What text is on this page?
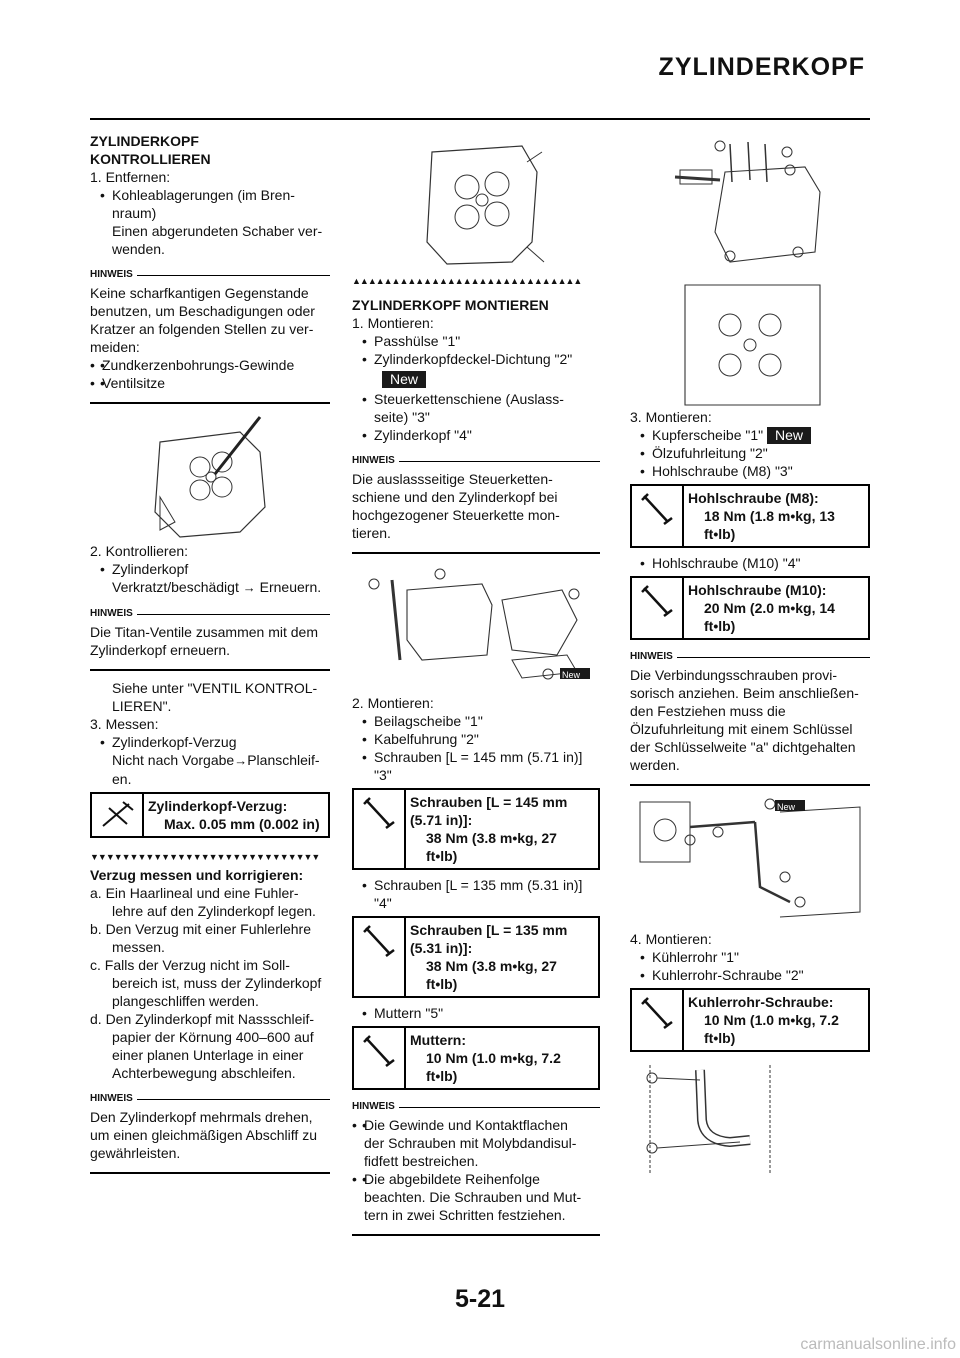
ZYLINDERKOPF
ZYLINDERKOPF
KONTROLLIEREN
1. Entfernen:
• Kohleablagerungen (im Bren-
nraum)
Einen abgerundeten Schaber ver-
wenden.
HINWEIS
Keine scharfkantigen Gegenstande
benutzen, um Beschadigungen oder
Kratzer an folgenden Stellen zu ver-
meiden:
• • Zundkerzenbohrungs-Gewinde
• • Ventilsitze
2. Kontrollieren:
• Zylinderkopf
Verkratzt/beschädigt → Erneuern.
HINWEIS
Die Titan-Ventile zusammen mit dem
Zylinderkopf erneuern.
Siehe unter "VENTIL KONTROL-
LIEREN".
3. Messen:
• Zylinderkopf-Verzug
Nicht nach Vorgabe→Planschleif-
en.
Zylinderkopf-Verzug:
Max. 0.05 mm (0.002 in)
▼▼▼▼▼▼▼▼▼▼▼▼▼▼▼▼▼▼▼▼▼▼▼▼▼▼▼▼▼
Verzug messen und korrigieren:
a. Ein Haarlineal und eine Fuhler-
lehre auf den Zylinderkopf legen.
b. Den Verzug mit einer Fuhlerlehre
messen.
c. Falls der Verzug nicht im Soll-
bereich ist, muss der Zylinderkopf
plangeschliffen werden.
d. Den Zylinderkopf mit Nassschleif-
papier der Körnung 400–600 auf
einer planen Unterlage in einer
Achterbewegung abschleifen.
HINWEIS
Den Zylinderkopf mehrmals drehen,
um einen gleichmäßigen Abschliff zu
gewährleisten.
▲▲▲▲▲▲▲▲▲▲▲▲▲▲▲▲▲▲▲▲▲▲▲▲▲▲▲▲▲
ZYLINDERKOPF MONTIEREN
1. Montieren:
• Passhülse "1"
• Zylinderkopfdeckel-Dichtung "2"
New
• Steuerkettenschiene (Auslass-
seite) "3"
• Zylinderkopf "4"
HINWEIS
Die auslassseitige Steuerketten-
schiene und den Zylinderkopf bei
hochgezogener Steuerkette mon-
tieren.
New
2. Montieren:
• Beilagscheibe "1"
• Kabelfuhrung "2"
• Schrauben [L = 145 mm (5.71 in)]
"3"
Schrauben [L = 145 mm
(5.71 in)]:
38 Nm (3.8 m•kg, 27
ft•lb)
• Schrauben [L = 135 mm (5.31 in)]
"4"
Schrauben [L = 135 mm
(5.31 in)]:
38 Nm (3.8 m•kg, 27
ft•lb)
• Muttern "5"
Muttern:
10 Nm (1.0 m•kg, 7.2
ft•lb)
HINWEIS
• • Die Gewinde und Kontaktflachen
der Schrauben mit Molybdandisul-
fidfett bestreichen.
• • Die abgebildete Reihenfolge
beachten. Die Schrauben und Mut-
tern in zwei Schritten festziehen.
3. Montieren:
• Kupferscheibe "1" New
• Ölzufuhrleitung "2"
• Hohlschraube (M8) "3"
Hohlschraube (M8):
18 Nm (1.8 m•kg, 13
ft•lb)
• Hohlschraube (M10) "4"
Hohlschraube (M10):
20 Nm (2.0 m•kg, 14
ft•lb)
HINWEIS
Die Verbindungsschrauben provi-
sorisch anziehen. Beim anschließen-
den Festziehen muss die
Ölzufuhrleitung mit einem Schlüssel
der Schlüsselweite "a" dichtgehalten
werden.
New
4. Montieren:
• Kühlerrohr "1"
• Kuhlerrohr-Schraube "2"
Kuhlerrohr-Schraube:
10 Nm (1.0 m•kg, 7.2
ft•lb)
5-21
carmanualsonline.info
